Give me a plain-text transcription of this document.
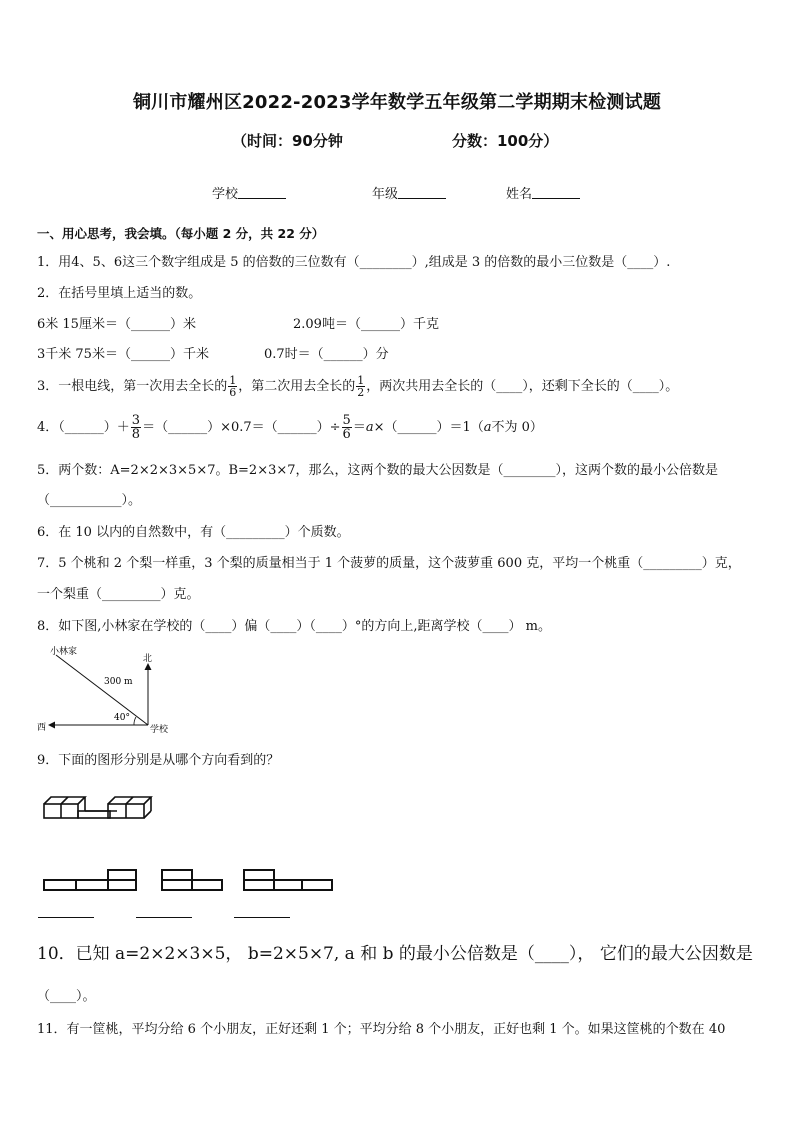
铜川市耀州区2022-2023学年数学五年级第二学期期末检测试题
（时间：90分钟	分数：100分）
学校	年级	姓名
一、用心思考，我会填。（每小题 2 分，共 22 分）
1．用4、5、6这三个数字组成是 5 的倍数的三位数有（________）,组成是 3 的倍数的最小三位数是（____）.
2．在括号里填上适当的数。
6米 15厘米＝（______）米	2.09吨＝（______）千克
3千米 75米＝（______）千米	0.7时＝（______）分
3．一根电线，第一次用去全长的 $\frac{1}{6}$ ，第二次用去全长的 $\frac{1}{2}$ ，两次共用去全长的（____），还剩下全长的（____）。
4．（______）＋ $\frac{3}{8}$ ＝（______）×0.7＝（______）÷ $\frac{5}{6}$ ＝a×（______）＝1（a不为 0）
5．两个数：A=2×2×3×5×7。B=2×3×7，那么，这两个数的最大公因数是（________），这两个数的最小公倍数是
（___________）。
6．在 10 以内的自然数中，有（_________）个质数。
7．5 个桃和 2 个梨一样重，3 个梨的质量相当于 1 个菠萝的质量，这个菠萝重 600 克，平均一个桃重（_________）克，
一个梨重（_________）克。
8．如下图,小林家在学校的（____）偏（____）（____）°的方向上,距离学校（____） m。
小林家
300 m
北
40°
西	学校
9．下面的图形分别是从哪个方向看到的？
10．已知 a=2×2×3×5， b=2×5×7, a 和 b 的最小公倍数是（____）， 它们的最大公因数是
（____）。
11．有一筐桃，平均分给 6 个小朋友，正好还剩 1 个；平均分给 8 个小朋友，正好也剩 1 个。如果这筐桃的个数在 40
